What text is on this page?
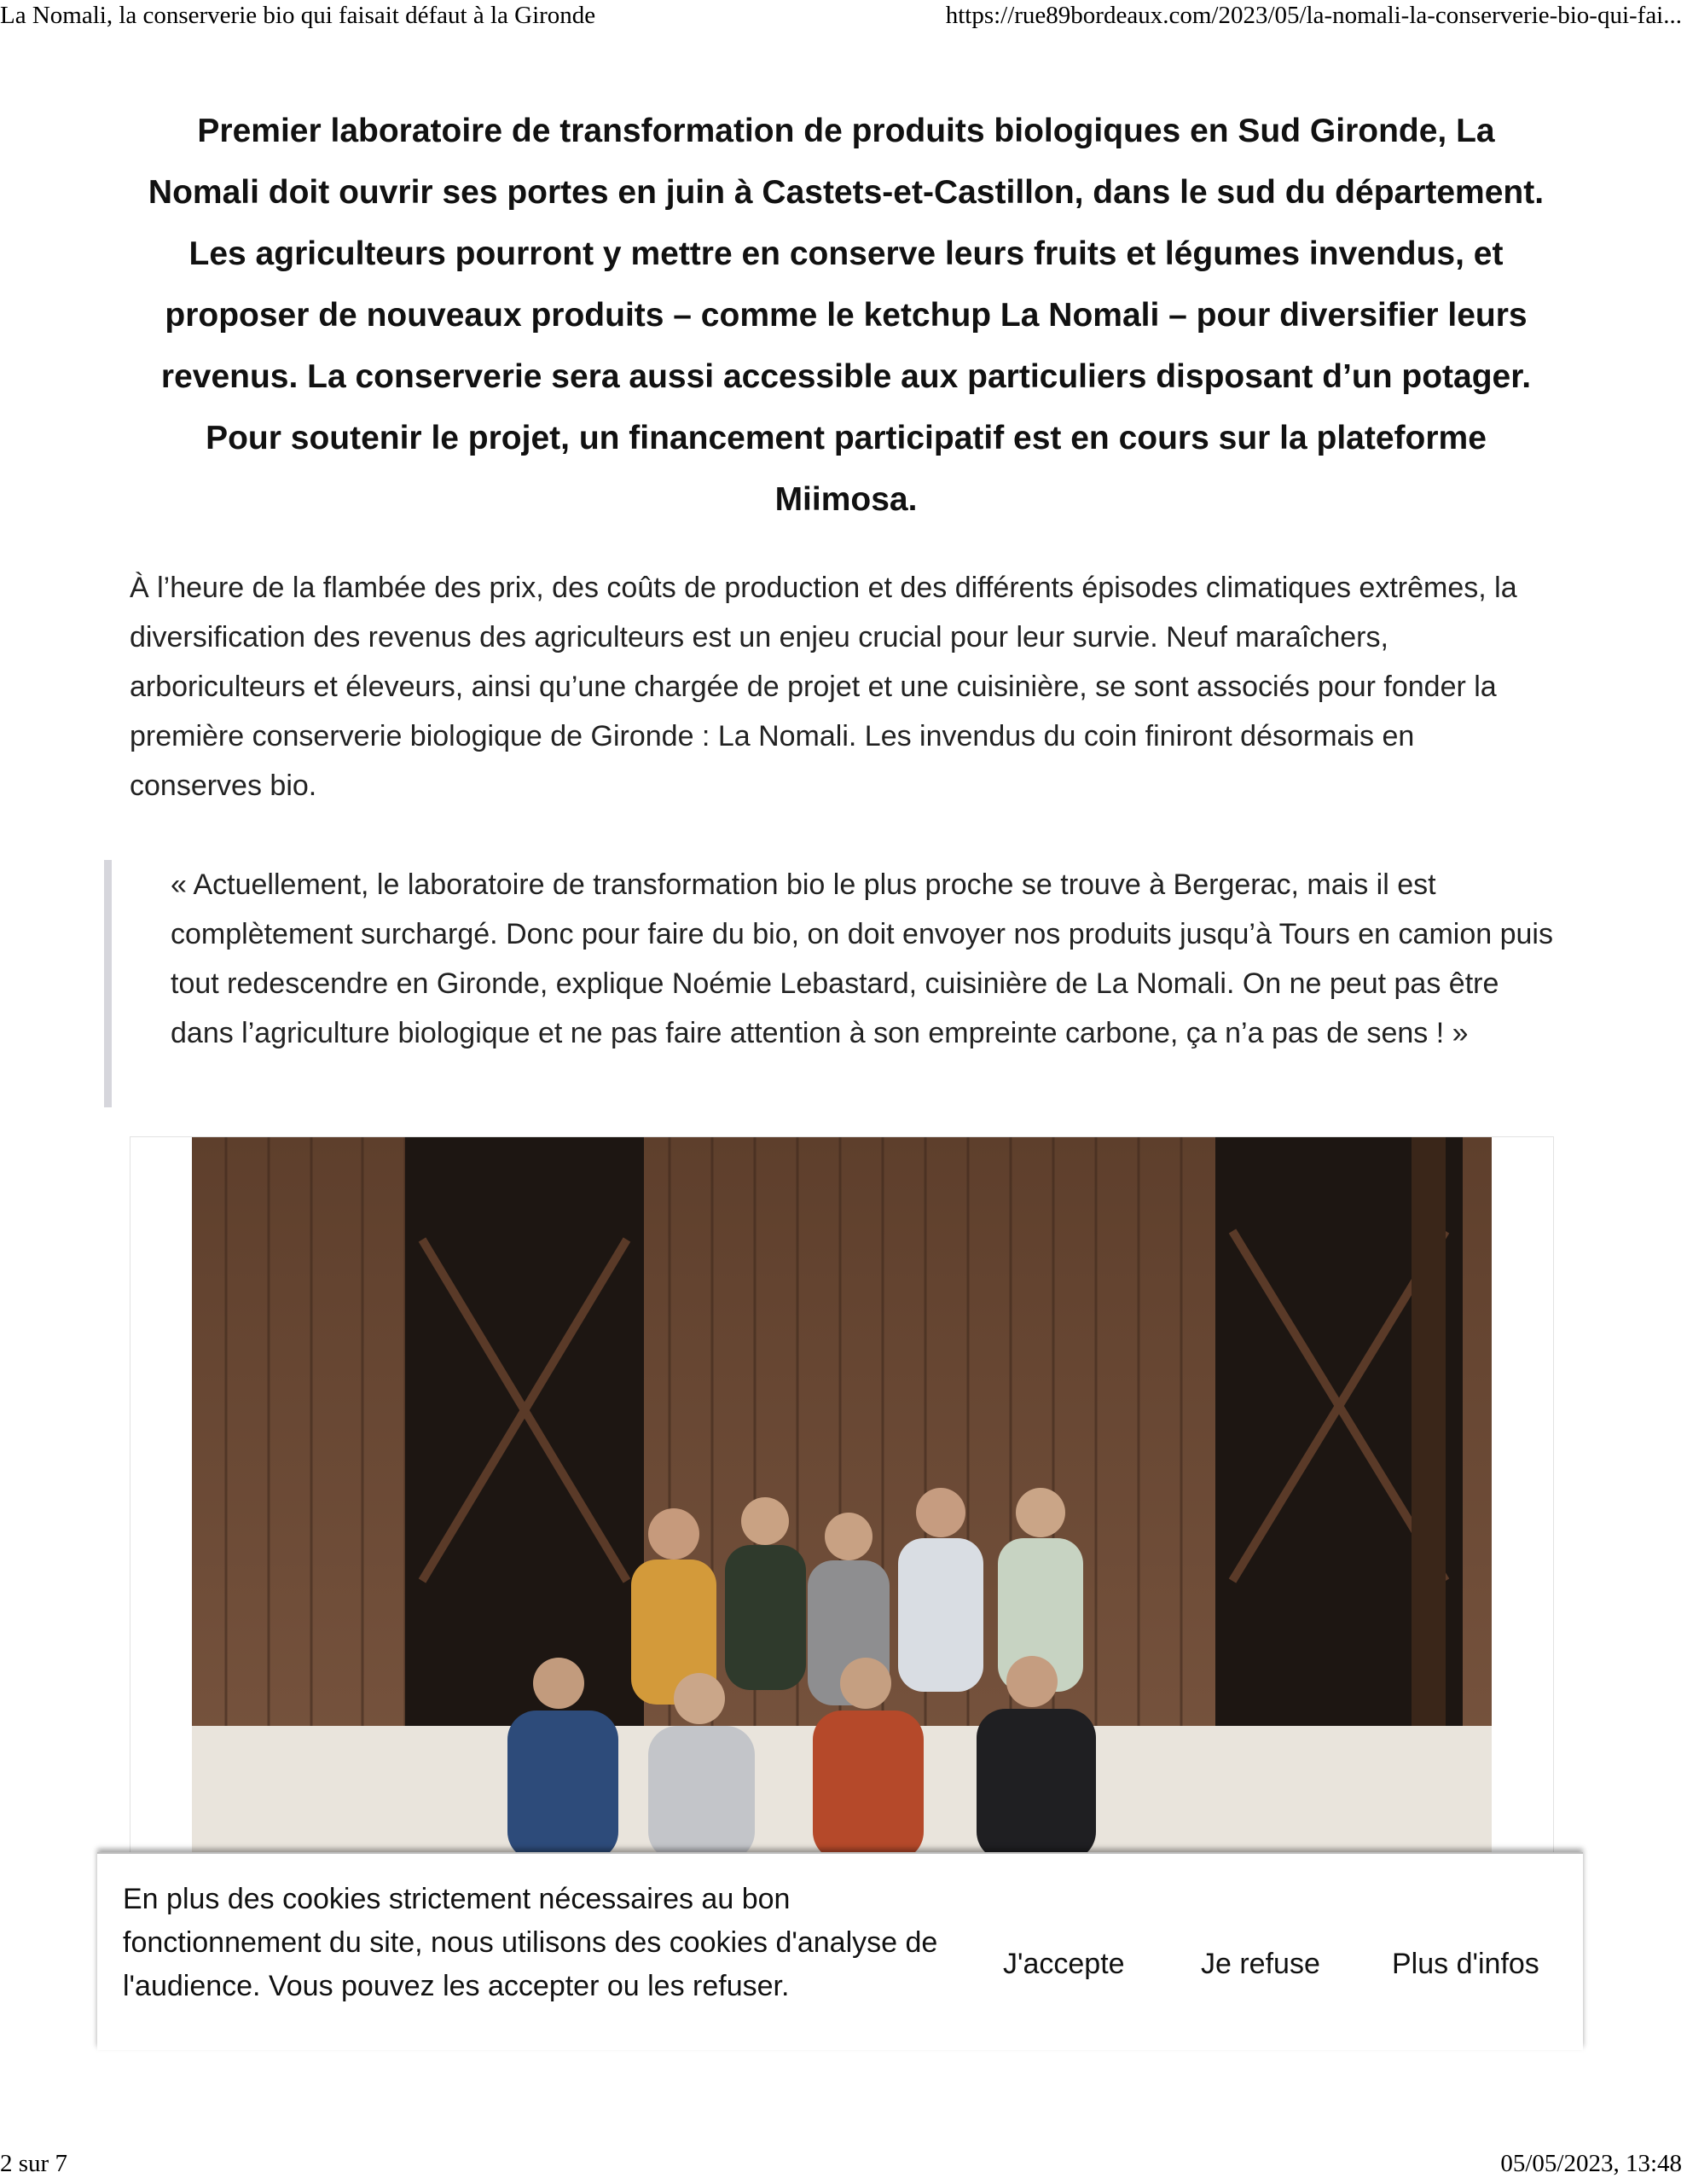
La Nomali, la conserverie bio qui faisait défaut à la Gironde	https://rue89bordeaux.com/2023/05/la-nomali-la-conserverie-bio-qui-fai...
Premier laboratoire de transformation de produits biologiques en Sud Gironde, La Nomali doit ouvrir ses portes en juin à Castets-et-Castillon, dans le sud du département. Les agriculteurs pourront y mettre en conserve leurs fruits et légumes invendus, et proposer de nouveaux produits – comme le ketchup La Nomali – pour diversifier leurs revenus. La conserverie sera aussi accessible aux particuliers disposant d’un potager. Pour soutenir le projet, un financement participatif est en cours sur la plateforme Miimosa.
À l’heure de la flambée des prix, des coûts de production et des différents épisodes climatiques extrêmes, la diversification des revenus des agriculteurs est un enjeu crucial pour leur survie. Neuf maraîchers, arboriculteurs et éleveurs, ainsi qu’une chargée de projet et une cuisinière, se sont associés pour fonder la première conserverie biologique de Gironde : La Nomali. Les invendus du coin finiront désormais en conserves bio.
« Actuellement, le laboratoire de transformation bio le plus proche se trouve à Bergerac, mais il est complètement surchargé. Donc pour faire du bio, on doit envoyer nos produits jusqu’à Tours en camion puis tout redescendre en Gironde, explique Noémie Lebastard, cuisinière de La Nomali. On ne peut pas être dans l’agriculture biologique et ne pas faire attention à son empreinte carbone, ça n’a pas de sens ! »
En plus des cookies strictement nécessaires au bon fonctionnement du site, nous utilisons des cookies d'analyse de l'audience. Vous pouvez les accepter ou les refuser.
J'accepte	Je refuse Plus d'infos
2 sur 7	05/05/2023, 13:48
